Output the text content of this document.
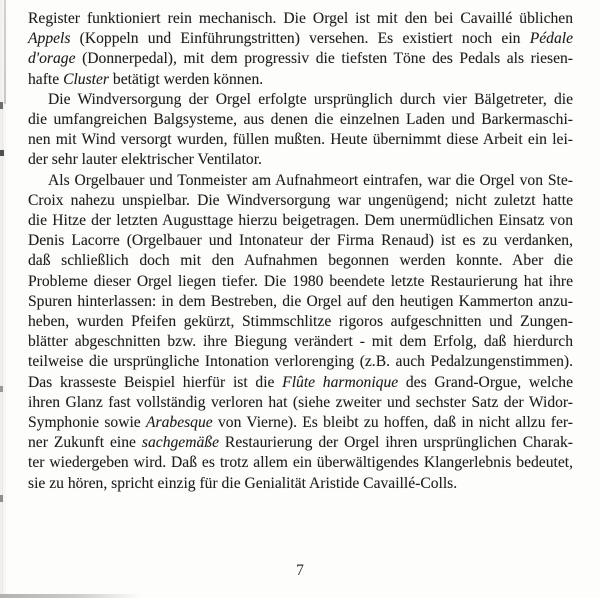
Register funktioniert rein mechanisch. Die Orgel ist mit den bei Cavaillé üblichen
Appels (Koppeln und Einführungstritten) versehen. Es existiert noch ein Pédale
d'orage (Donnerpedal), mit dem progressiv die tiefsten Töne des Pedals als riesen-
hafte Cluster betätigt werden können.
Die Windversorgung der Orgel erfolgte ursprünglich durch vier Bälgetreter, die
die umfangreichen Balgsysteme, aus denen die einzelnen Laden und Barkermaschi-
nen mit Wind versorgt wurden, füllen mußten. Heute übernimmt diese Arbeit ein lei-
der sehr lauter elektrischer Ventilator.
Als Orgelbauer und Tonmeister am Aufnahmeort eintrafen, war die Orgel von Ste-
Croix nahezu unspielbar. Die Windversorgung war ungenügend; nicht zuletzt hatte
die Hitze der letzten Augusttage hierzu beigetragen. Dem unermüdlichen Einsatz von
Denis Lacorre (Orgelbauer und Intonateur der Firma Renaud) ist es zu verdanken,
daß schließlich doch mit den Aufnahmen begonnen werden konnte. Aber die
Probleme dieser Orgel liegen tiefer. Die 1980 beendete letzte Restaurierung hat ihre
Spuren hinterlassen: in dem Bestreben, die Orgel auf den heutigen Kammerton anzu-
heben, wurden Pfeifen gekürzt, Stimmschlitze rigoros aufgeschnitten und Zungen-
blätter abgeschnitten bzw. ihre Biegung verändert - mit dem Erfolg, daß hierdurch
teilweise die ursprüngliche Intonation verlorenging (z.B. auch Pedalzungenstimmen).
Das krasseste Beispiel hierfür ist die Flûte harmonique des Grand-Orgue, welche
ihren Glanz fast vollständig verloren hat (siehe zweiter und sechster Satz der Widor-
Symphonie sowie Arabesque von Vierne). Es bleibt zu hoffen, daß in nicht allzu fer-
ner Zukunft eine sachgemäße Restaurierung der Orgel ihren ursprünglichen Charak-
ter wiedergeben wird. Daß es trotz allem ein überwältigendes Klangerlebnis bedeutet,
sie zu hören, spricht einzig für die Genialität Aristide Cavaillé-Colls.
7
